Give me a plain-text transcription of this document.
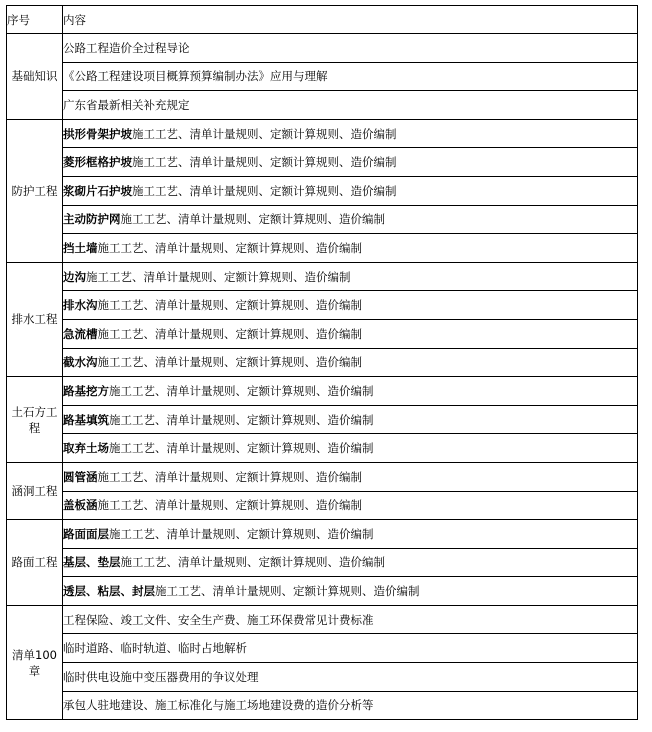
序号	内容
基础知识	公路工程造价全过程导论
	《公路工程建设项目概算预算编制办法》应用与理解
	广东省最新相关补充规定
防护工程	拱形骨架护坡施工工艺、清单计量规则、定额计算规则、造价编制
	菱形框格护坡施工工艺、清单计量规则、定额计算规则、造价编制
	浆砌片石护坡施工工艺、清单计量规则、定额计算规则、造价编制
	主动防护网施工工艺、清单计量规则、定额计算规则、造价编制
	挡土墙施工工艺、清单计量规则、定额计算规则、造价编制
排水工程	边沟施工工艺、清单计量规则、定额计算规则、造价编制
	排水沟施工工艺、清单计量规则、定额计算规则、造价编制
	急流槽施工工艺、清单计量规则、定额计算规则、造价编制
	截水沟施工工艺、清单计量规则、定额计算规则、造价编制
土石方工程	路基挖方施工工艺、清单计量规则、定额计算规则、造价编制
	路基填筑施工工艺、清单计量规则、定额计算规则、造价编制
	取弃土场施工工艺、清单计量规则、定额计算规则、造价编制
涵洞工程	圆管涵施工工艺、清单计量规则、定额计算规则、造价编制
	盖板涵施工工艺、清单计量规则、定额计算规则、造价编制
路面工程	路面面层施工工艺、清单计量规则、定额计算规则、造价编制
	基层、垫层施工工艺、清单计量规则、定额计算规则、造价编制
	透层、粘层、封层施工工艺、清单计量规则、定额计算规则、造价编制
清单100章	工程保险、竣工文件、安全生产费、施工环保费常见计费标准
	临时道路、临时轨道、临时占地解析
	临时供电设施中变压器费用的争议处理
	承包人驻地建设、施工标准化与施工场地建设费的造价分析等
